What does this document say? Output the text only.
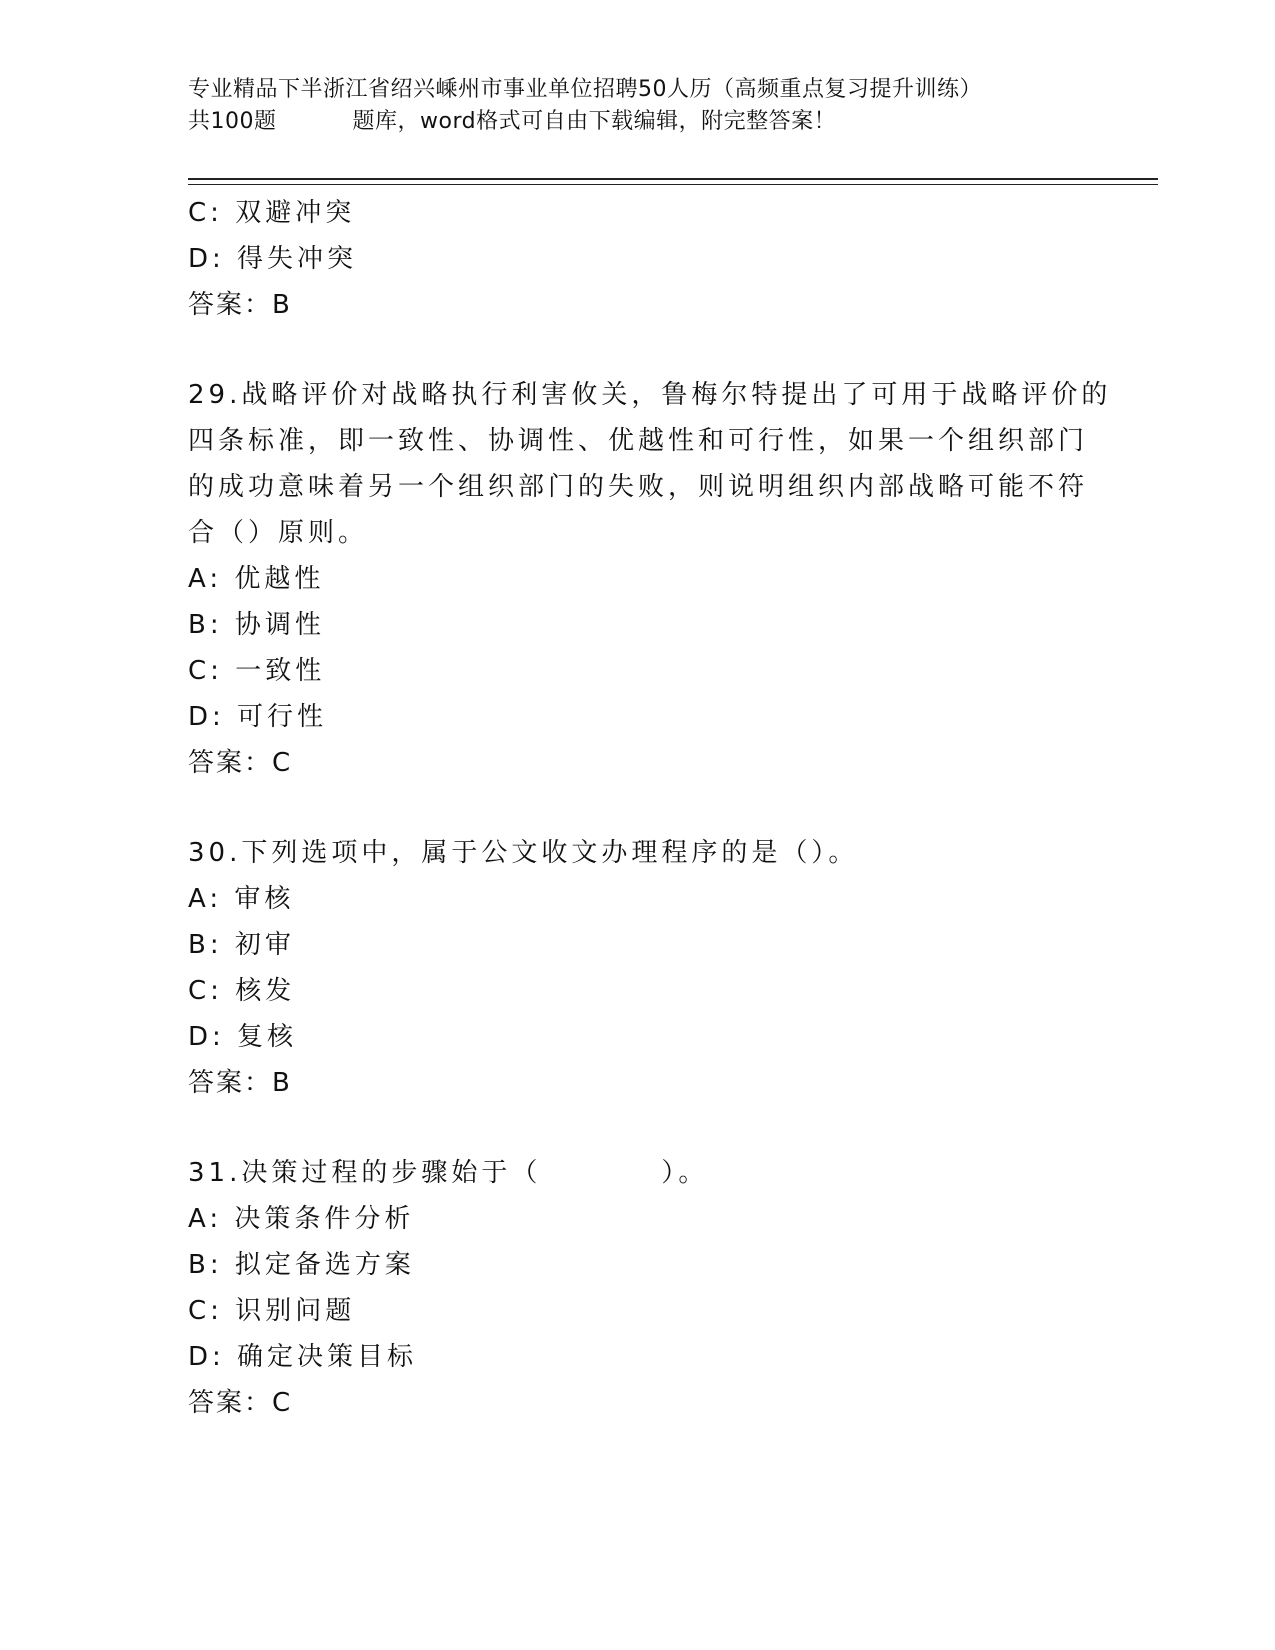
专业精品下半浙江省绍兴嵊州市事业单位招聘50人历（高频重点复习提升训练）
共100题	题库，word格式可自由下载编辑，附完整答案！
C: 双避冲突
D: 得失冲突
答案：B
29.战略评价对战略执行利害攸关，鲁梅尔特提出了可用于战略评价的
四条标准，即一致性、协调性、优越性和可行性，如果一个组织部门
的成功意味着另一个组织部门的失败，则说明组织内部战略可能不符
合（）原则。
A: 优越性
B: 协调性
C: 一致性
D: 可行性
答案：C
30.下列选项中，属于公文收文办理程序的是（）。
A: 审核
B: 初审
C: 核发
D: 复核
答案：B
31.决策过程的步骤始于（	）。
A: 决策条件分析
B: 拟定备选方案
C: 识别问题
D: 确定决策目标
答案：C
